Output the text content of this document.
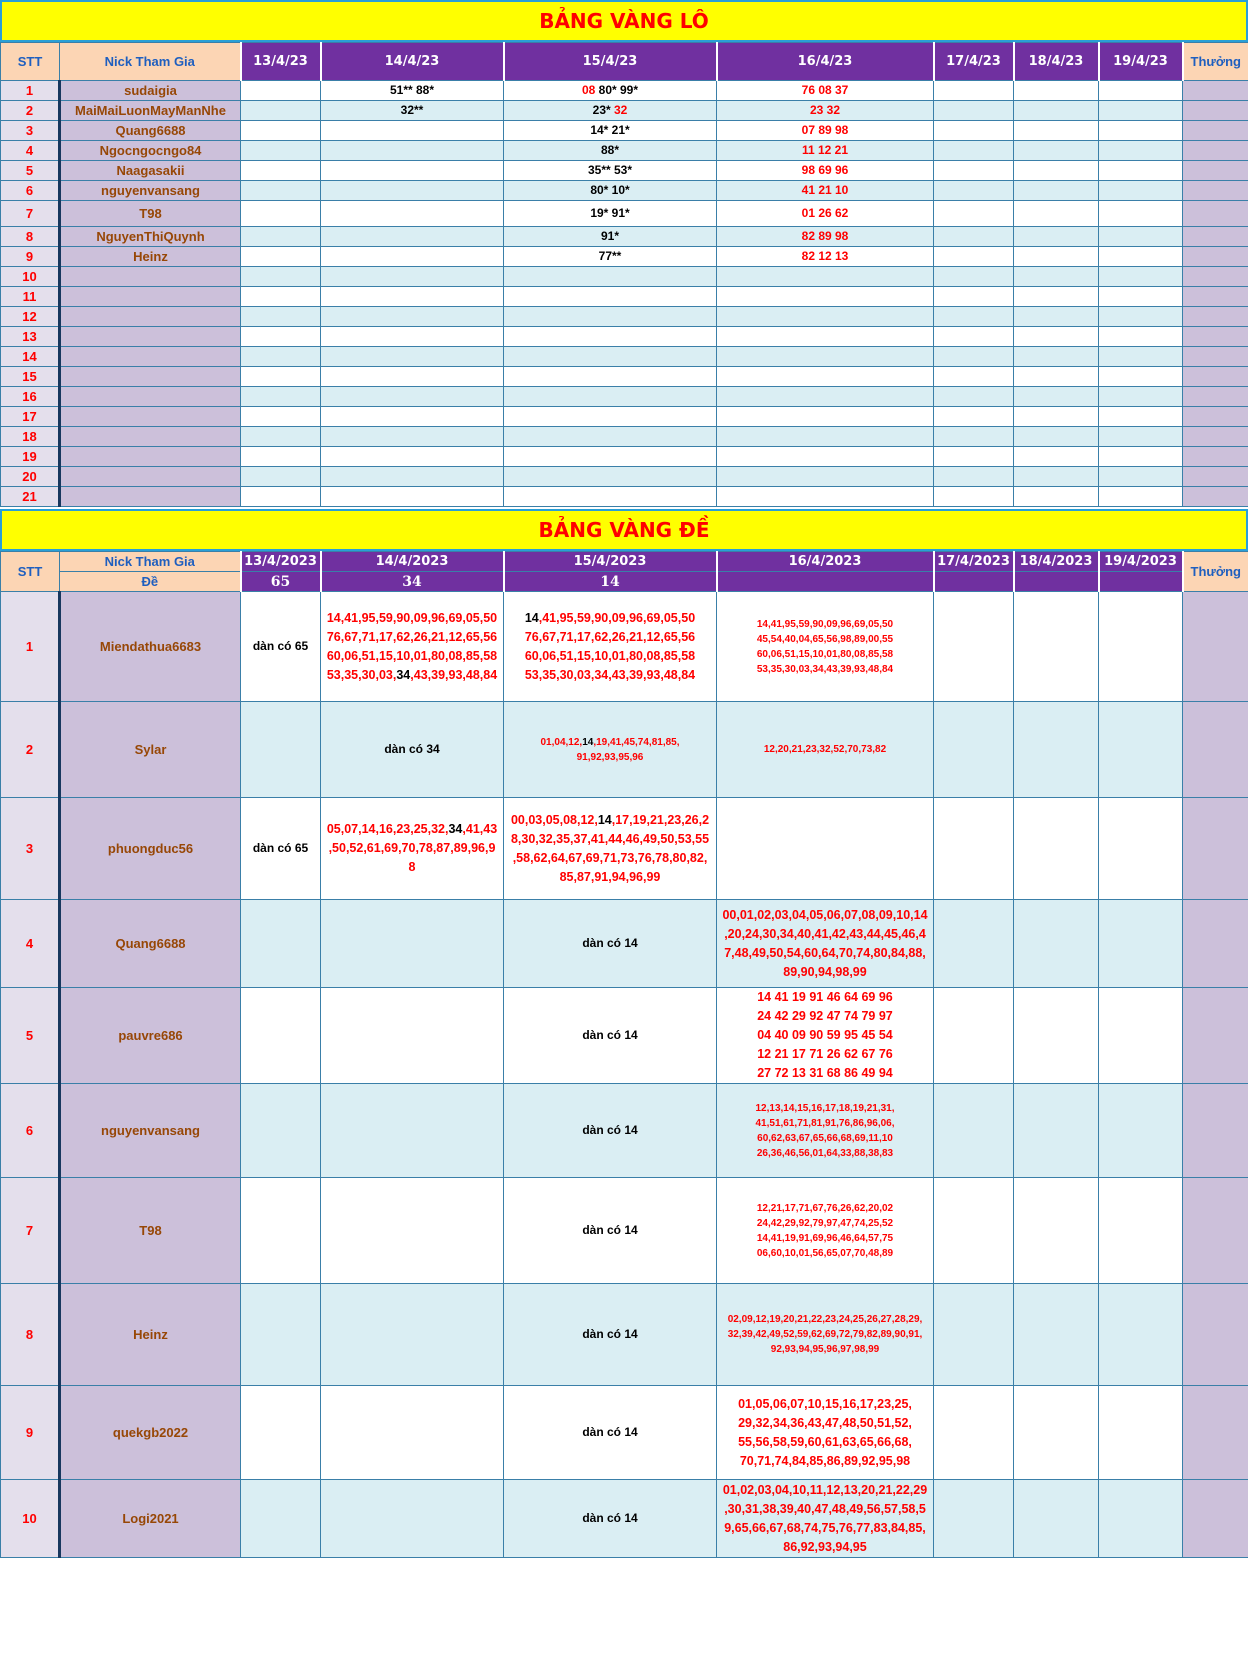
BẢNG VÀNG LÔ
STT	Nick Tham Gia	13/4/23	14/4/23	15/4/23	16/4/23	17/4/23	18/4/23	19/4/23	Thưởng
1	sudaigia		51** 88*	08 80* 99*	76 08 37				

2	MaiMaiLuonMayManNhe		32**	23* 32	23 32				

3	Quang6688			14* 21*	07 89 98				

4	Ngocngocngo84			88*	11 12 21				

5	Naagasakii			35** 53*	98 69 96				

6	nguyenvansang			80* 10*	41 21 10				

7	T98			19* 91*	01 26 62				

8	NguyenThiQuynh			91*	82 89 98				

9	Heinz			77**	82 12 13				

10									
11									
12									
13									
14									
15									
16									
17									
18									
19									
20									
21									
BẢNG VÀNG ĐỀ
STT	Nick Tham Gia	13/4/2023	14/4/2023	15/4/2023	16/4/2023	17/4/2023	18/4/2023	19/4/2023	Thưởng
	Đề	65	34	14					
1	Miendathua6683	dàn có 65	14,41,95,59,90,09,96,69,05,50
76,67,71,17,62,26,21,12,65,56
60,06,51,15,10,01,80,08,85,58
53,35,30,03,34,43,39,93,48,84	14,41,95,59,90,09,96,69,05,50
76,67,71,17,62,26,21,12,65,56
60,06,51,15,10,01,80,08,85,58
53,35,30,03,34,43,39,93,48,84	14,41,95,59,90,09,96,69,05,50
45,54,40,04,65,56,98,89,00,55
60,06,51,15,10,01,80,08,85,58
53,35,30,03,34,43,39,93,48,84				

2	Sylar		dàn có 34	01,04,12,14,19,41,45,74,81,85,
91,92,93,95,96	12,20,21,23,32,52,70,73,82				

3	phuongduc56	dàn có 65	05,07,14,16,23,25,32,34,41,43
,50,52,61,69,70,78,87,89,96,9
8	00,03,05,08,12,14,17,19,21,23,26,2
8,30,32,35,37,41,44,46,49,50,53,55
,58,62,64,67,69,71,73,76,78,80,82,
85,87,91,94,96,99					

4	Quang6688			dàn có 14	00,01,02,03,04,05,06,07,08,09,10,14
,20,24,30,34,40,41,42,43,44,45,46,4
7,48,49,50,54,60,64,70,74,80,84,88,
89,90,94,98,99				

5	pauvre686			dàn có 14	14 41 19 91 46 64 69 96
24 42 29 92 47 74 79 97
04 40 09 90 59 95 45 54
12 21 17 71 26 62 67 76
27 72 13 31 68 86 49 94				

6	nguyenvansang			dàn có 14	12,13,14,15,16,17,18,19,21,31,
41,51,61,71,81,91,76,86,96,06,
60,62,63,67,65,66,68,69,11,10
26,36,46,56,01,64,33,88,38,83				

7	T98			dàn có 14	12,21,17,71,67,76,26,62,20,02
24,42,29,92,79,97,47,74,25,52
14,41,19,91,69,96,46,64,57,75
06,60,10,01,56,65,07,70,48,89				

8	Heinz			dàn có 14	02,09,12,19,20,21,22,23,24,25,26,27,28,29,
32,39,42,49,52,59,62,69,72,79,82,89,90,91,
92,93,94,95,96,97,98,99				

9	quekgb2022			dàn có 14	01,05,06,07,10,15,16,17,23,25,
29,32,34,36,43,47,48,50,51,52,
55,56,58,59,60,61,63,65,66,68,
70,71,74,84,85,86,89,92,95,98				

10	Logi2021			dàn có 14	01,02,03,04,10,11,12,13,20,21,22,29
,30,31,38,39,40,47,48,49,56,57,58,5
9,65,66,67,68,74,75,76,77,83,84,85,
86,92,93,94,95				
